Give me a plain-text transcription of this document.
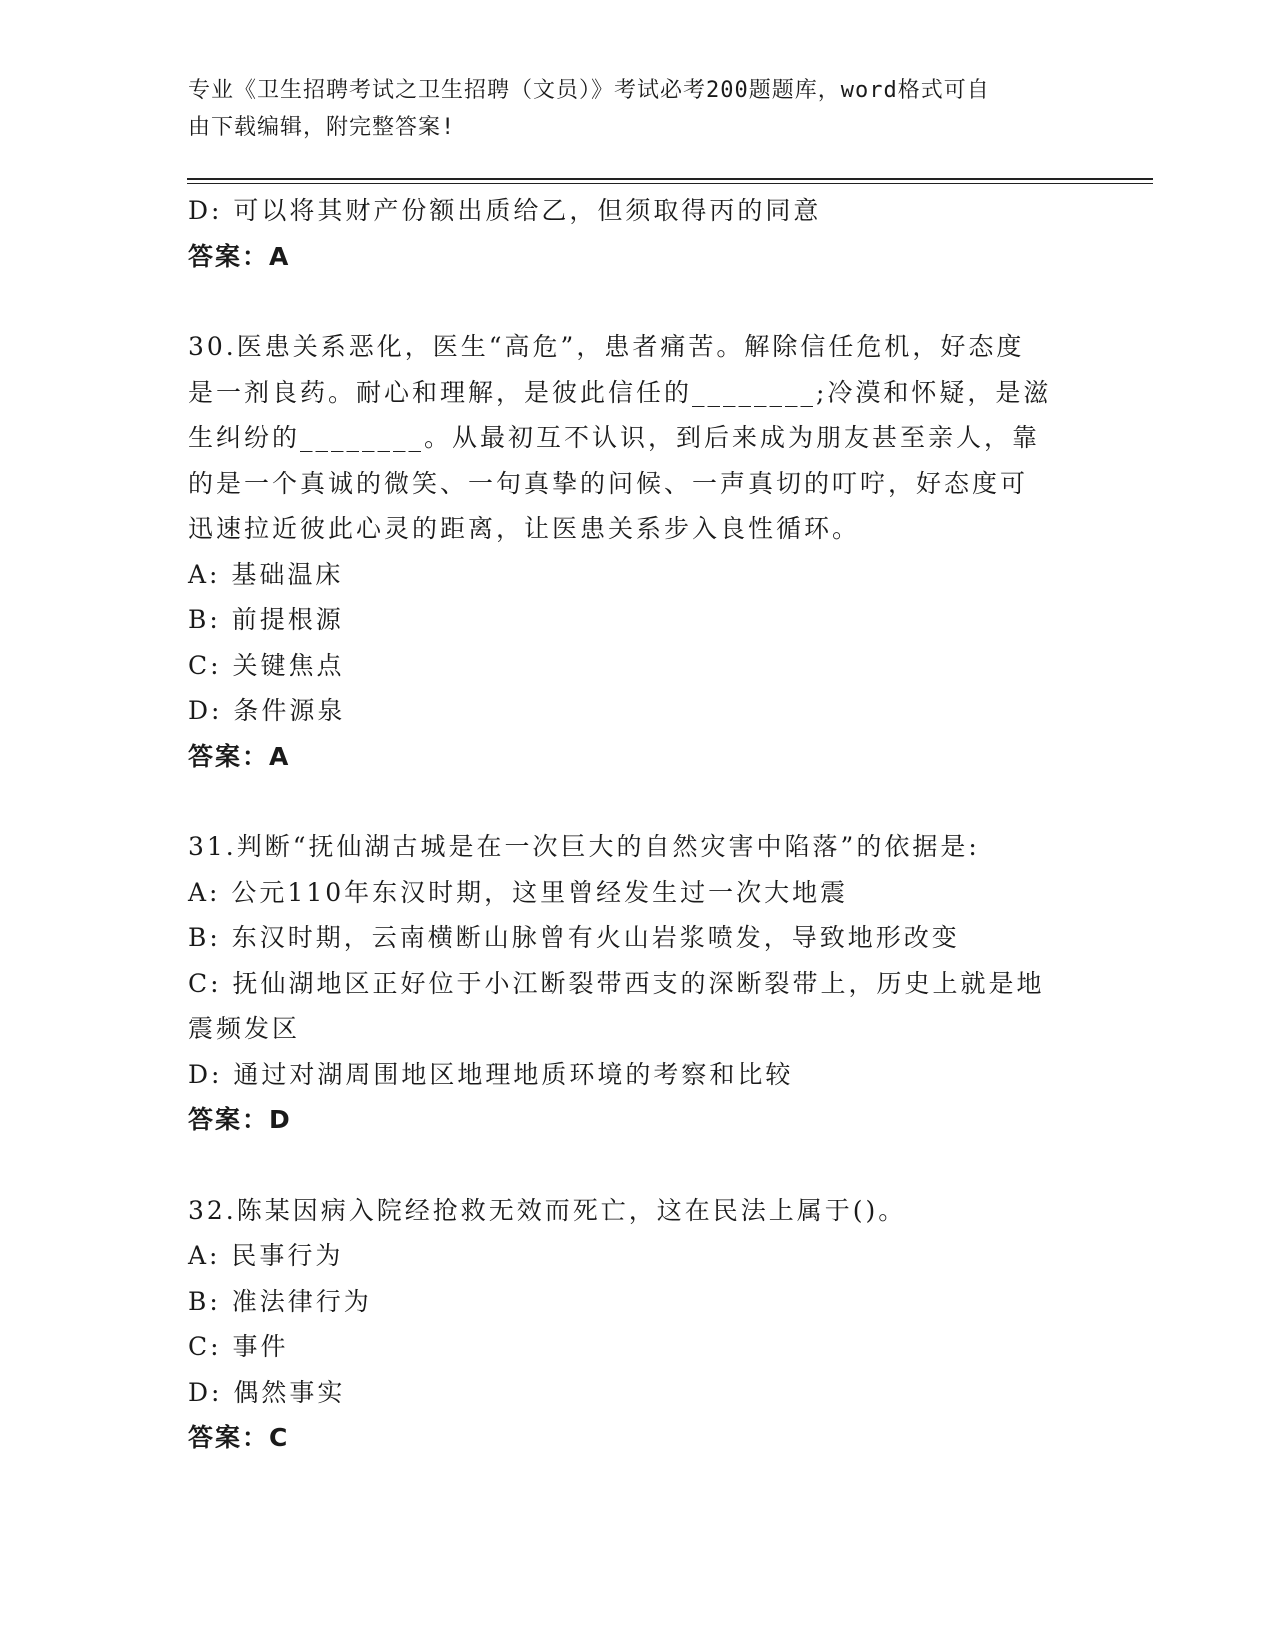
专业《卫生招聘考试之卫生招聘（文员）》考试必考200题题库，word格式可自
由下载编辑，附完整答案!
D: 可以将其财产份额出质给乙，但须取得丙的同意
答案：A
30.医患关系恶化，医生“高危”，患者痛苦。解除信任危机，好态度
是一剂良药。耐心和理解，是彼此信任的________;冷漠和怀疑，是滋
生纠纷的________。从最初互不认识，到后来成为朋友甚至亲人，靠
的是一个真诚的微笑、一句真挚的问候、一声真切的叮咛，好态度可
迅速拉近彼此心灵的距离，让医患关系步入良性循环。
A: 基础温床
B: 前提根源
C: 关键焦点
D: 条件源泉
答案：A
31.判断“抚仙湖古城是在一次巨大的自然灾害中陷落”的依据是:
A: 公元110年东汉时期，这里曾经发生过一次大地震
B: 东汉时期，云南横断山脉曾有火山岩浆喷发，导致地形改变
C: 抚仙湖地区正好位于小江断裂带西支的深断裂带上，历史上就是地
震频发区
D: 通过对湖周围地区地理地质环境的考察和比较
答案：D
32.陈某因病入院经抢救无效而死亡，这在民法上属于()。
A: 民事行为
B: 准法律行为
C: 事件
D: 偶然事实
答案：C
